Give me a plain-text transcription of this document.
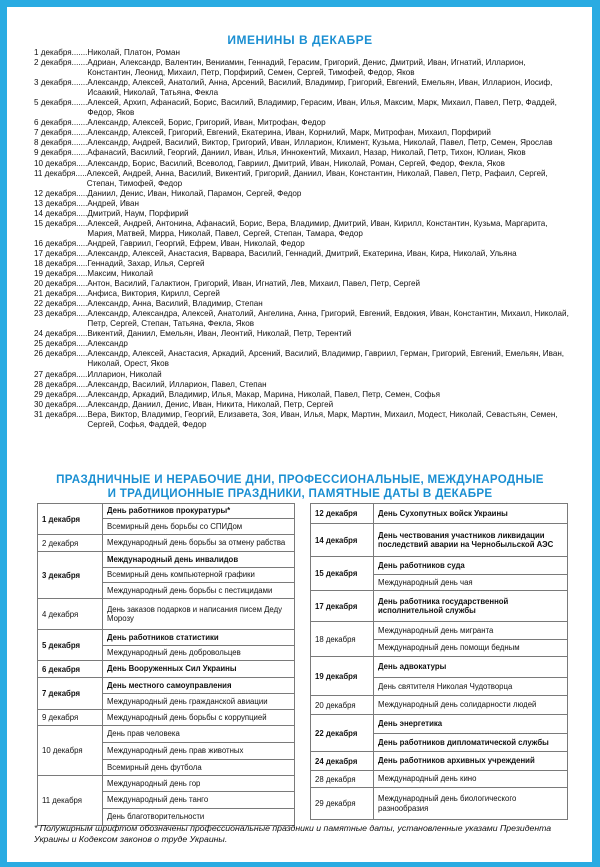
ИМЕНИНЫ В ДЕКАБРЕ
1 декабря....... Николай, Платон, Роман
2 декабря....... Адриан, Александр, Валентин, Вениамин, Геннадий, Герасим, Григорий, Денис, Дмитрий, Иван, Игнатий, Илларион, Константин, Леонид, Михаил, Петр, Порфирий, Семен, Сергей, Тимофей, Федор, Яков
3 декабря....... Александр, Алексей, Анатолий, Анна, Арсений, Василий, Владимир, Григорий, Евгений, Емельян, Иван, Илларион, Иосиф, Исаакий, Николай, Татьяна, Фекла
5 декабря....... Алексей, Архип, Афанасий, Борис, Василий, Владимир, Герасим, Иван, Илья, Максим, Марк, Михаил, Павел, Петр, Фаддей, Федор, Яков
6 декабря....... Александр, Алексей, Борис, Григорий, Иван, Митрофан, Федор
7 декабря....... Александр, Алексей, Григорий, Евгений, Екатерина, Иван, Корнилий, Марк, Митрофан, Михаил, Порфирий
8 декабря....... Александр, Андрей, Василий, Виктор, Григорий, Иван, Илларион, Климент, Кузьма, Николай, Павел, Петр, Семен, Ярослав
9 декабря....... Афанасий, Василий, Георгий, Даниил, Иван, Илья, Иннокентий, Михаил, Назар, Николай, Петр, Тихон, Юлиан, Яков
10 декабря..... Александр, Борис, Василий, Всеволод, Гавриил, Дмитрий, Иван, Николай, Роман, Сергей, Федор, Фекла, Яков
11 декабря..... Алексей, Андрей, Анна, Василий, Викентий, Григорий, Даниил, Иван, Константин, Николай, Павел, Петр, Рафаил, Сергей, Степан, Тимофей, Федор
12 декабря..... Даниил, Денис, Иван, Николай, Парамон, Сергей, Федор
13 декабря..... Андрей, Иван
14 декабря..... Дмитрий, Наум, Порфирий
15 декабря..... Алексей, Андрей, Антонина, Афанасий, Борис, Вера, Владимир, Дмитрий, Иван, Кирилл, Константин, Кузьма, Маргарита, Мария, Матвей, Мирра, Николай, Павел, Сергей, Степан, Тамара, Федор
16 декабря..... Андрей, Гавриил, Георгий, Ефрем, Иван, Николай, Федор
17 декабря..... Александр, Алексей, Анастасия, Варвара, Василий, Геннадий, Дмитрий, Екатерина, Иван, Кира, Николай, Ульяна
18 декабря..... Геннадий, Захар, Илья, Сергей
19 декабря..... Максим, Николай
20 декабря..... Антон, Василий, Галактион, Григорий, Иван, Игнатий, Лев, Михаил, Павел, Петр, Сергей
21 декабря..... Анфиса, Виктория, Кирилл, Сергей
22 декабря..... Александр, Анна, Василий, Владимир, Степан
23 декабря..... Александр, Александра, Алексей, Анатолий, Ангелина, Анна, Григорий, Евгений, Евдокия, Иван, Константин, Михаил, Николай, Петр, Сергей, Степан, Татьяна, Фекла, Яков
24 декабря..... Викентий, Даниил, Емельян, Иван, Леонтий, Николай, Петр, Терентий
25 декабря..... Александр
26 декабря..... Александр, Алексей, Анастасия, Аркадий, Арсений, Василий, Владимир, Гавриил, Герман, Григорий, Евгений, Емельян, Иван, Николай, Орест, Яков
27 декабря..... Илларион, Николай
28 декабря..... Александр, Василий, Илларион, Павел, Степан
29 декабря..... Александр, Аркадий, Владимир, Илья, Макар, Марина, Николай, Павел, Петр, Семен, Софья
30 декабря..... Александр, Даниил, Денис, Иван, Никита, Николай, Петр, Сергей
31 декабря..... Вера, Виктор, Владимир, Георгий, Елизавета, Зоя, Иван, Илья, Марк, Мартин, Михаил, Модест, Николай, Севастьян, Семен, Сергей, Софья, Фаддей, Федор
ПРАЗДНИЧНЫЕ И НЕРАБОЧИЕ ДНИ, ПРОФЕССИОНАЛЬНЫЕ, МЕЖДУНАРОДНЫЕ
И ТРАДИЦИОННЫЕ ПРАЗДНИКИ, ПАМЯТНЫЕ ДАТЫ В ДЕКАБРЕ
1 декабря	День работников прокуратуры*
	Всемирный день борьбы со СПИДом
2 декабря	Международный день борьбы за отмену рабства
3 декабря	Международный день инвалидов
	Всемирный день компьютерной графики
	Международный день борьбы с пестицидами
4 декабря	День заказов подарков и написания писем Деду Морозу
5 декабря	День работников статистики
	Международный день добровольцев
6 декабря	День Вооруженных Сил Украины
7 декабря	День местного самоуправления
	Международный день гражданской авиации
9 декабря	Международный день борьбы с коррупцией
10 декабря	День прав человека
	Международный день прав животных
	Всемирный день футбола
11 декабря	Международный день гор
	Международный день танго
	День благотворительности
12 декабря	День Сухопутных войск Украины
14 декабря	День чествования участников ликвидации последствий аварии на Чернобыльской АЭС
15 декабря	День работников суда
	Международный день чая
17 декабря	День работника государственной исполнительной службы
18 декабря	Международный день мигранта
	Международный день помощи бедным
19 декабря	День адвокатуры
	День святителя Николая Чудотворца
20 декабря	Международный день солидарности людей
22 декабря	День энергетика
	День работников дипломатической службы
24 декабря	День работников архивных учреждений
28 декабря	Международный день кино
29 декабря	Международный день биологического разнообразия
* Полужирным шрифтом обозначены профессиональные праздники и памятные даты, установленные указами Президента Украины и Кодексом законов о труде Украины.
